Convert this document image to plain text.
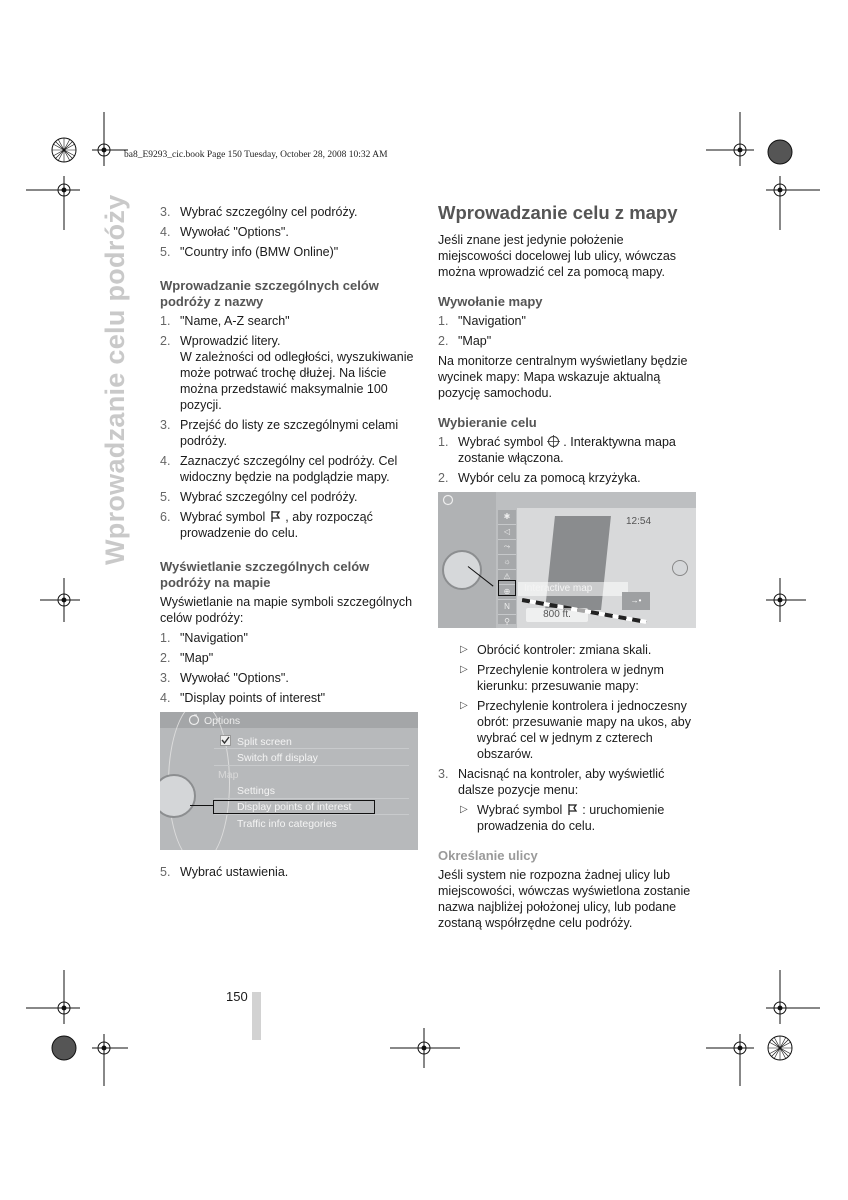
ba8_E9293_cic.book Page 150 Tuesday, October 28, 2008 10:32 AM
Wprowadzanie celu podróży 3. Wybrać szczególny cel podróży.
4. Wywołać "Options".
5. "Country info (BMW Online)"
Wprowadzanie szczególnych celów podróży z nazwy
1. "Name, A-Z search"
2. Wprowadzić litery.
W zależności od odległości, wyszukiwanie może potrwać trochę dłużej. Na liście można przedstawić maksymalnie 100 pozycji.
3. Przejść do listy ze szczególnymi celami podróży.
4. Zaznaczyć szczególny cel podróży. Cel widoczny będzie na podglądzie mapy.
5. Wybrać szczególny cel podróży.
6. Wybrać symbol , aby rozpocząć prowadzenie do celu.
Wyświetlanie szczególnych celów podróży na mapie
Wyświetlanie na mapie symboli szczególnych celów podróży:
1. "Navigation"
2. "Map"
3. Wywołać "Options".
4. "Display points of interest"
Options
Split screen
Switch off display
Map
Settings
Display points of interest
Traffic info categories
5. Wybrać ustawienia.
Wprowadzanie celu z mapy
Jeśli znane jest jedynie położenie miejscowości docelowej lub ulicy, wówczas można wprowadzić cel za pomocą mapy.
Wywołanie mapy
1. "Navigation"
2. "Map"
Na monitorze centralnym wyświetlany będzie wycinek mapy: Mapa wskazuje aktualną pozycję samochodu.
Wybieranie celu
1. Wybrać symbol . Interaktywna mapa zostanie włączona.
2. Wybór celu za pomocą krzyżyka.
✱
◁
⤳
☼
⚠
⊕
N
⚲
12:54
Interactive map
800 ft.
→•
▷ Obrócić kontroler: zmiana skali.
▷ Przechylenie kontrolera w jednym kierunku: przesuwanie mapy:
▷ Przechylenie kontrolera i jednoczesny obrót: przesuwanie mapy na ukos, aby wybrać cel w jednym z czterech obszarów.
3. Nacisnąć na kontroler, aby wyświetlić dalsze pozycje menu:
▷ Wybrać symbol : uruchomienie prowadzenia do celu.
Określanie ulicy
Jeśli system nie rozpozna żadnej ulicy lub miejscowości, wówczas wyświetlona zostanie nazwa najbliżej położonej ulicy, lub podane zostaną współrzędne celu podróży.
150
